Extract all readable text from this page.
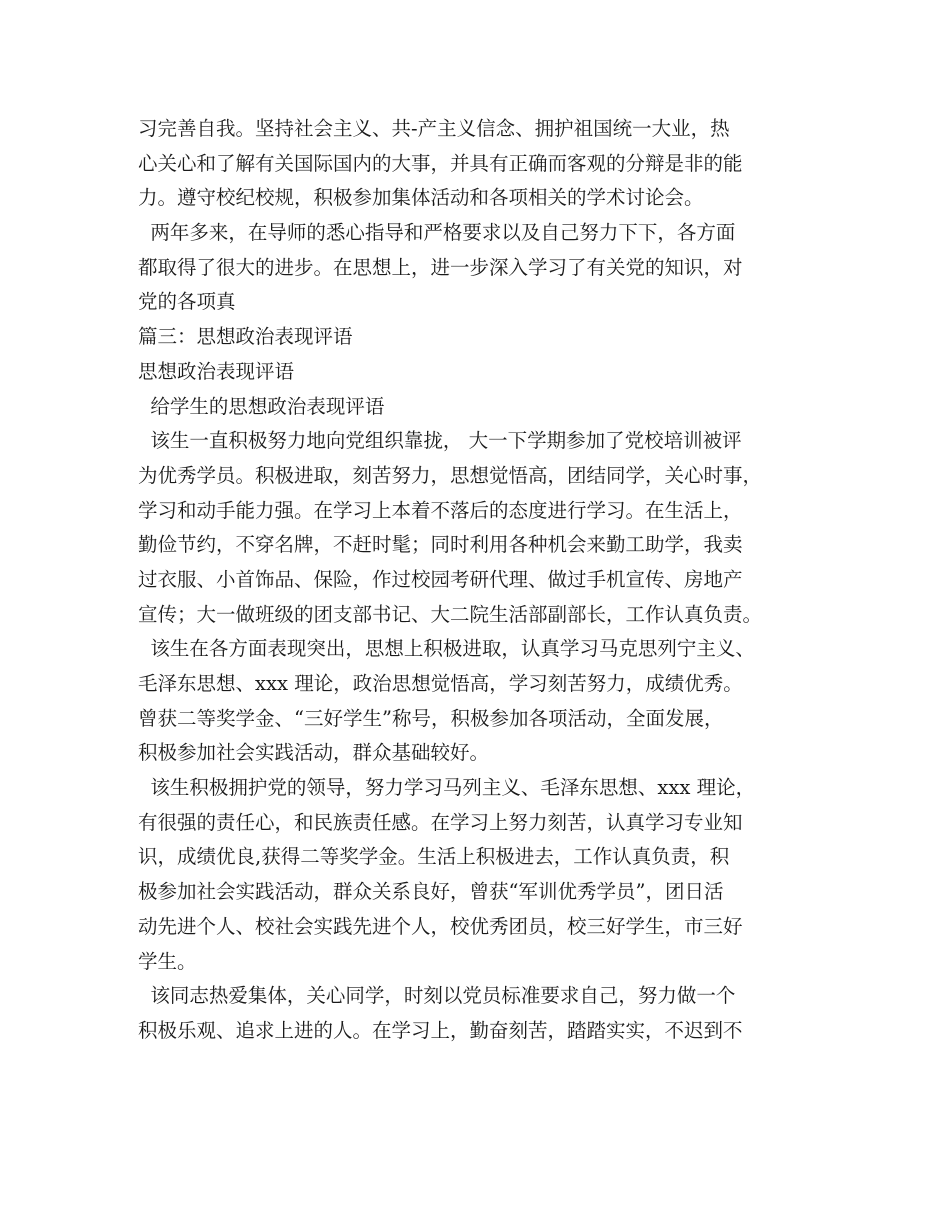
习完善自我。坚持社会主义、共-产主义信念、拥护祖国统一大业，热
心关心和了解有关国际国内的大事，并具有正确而客观的分辩是非的能
力。遵守校纪校规，积极参加集体活动和各项相关的学术讨论会。
两年多来，在导师的悉心指导和严格要求以及自己努力下下，各方面
都取得了很大的进步。在思想上，进一步深入学习了有关党的知识，对
党的各项真
篇三：思想政治表现评语
思想政治表现评语
给学生的思想政治表现评语
该生一直积极努力地向党组织靠拢， 大一下学期参加了党校培训被评
为优秀学员。积极进取，刻苦努力，思想觉悟高，团结同学，关心时事，
学习和动手能力强。在学习上本着不落后的态度进行学习。在生活上，
勤俭节约，不穿名牌，不赶时髦；同时利用各种机会来勤工助学，我卖
过衣服、小首饰品、保险，作过校园考研代理、做过手机宣传、房地产
宣传；大一做班级的团支部书记、大二院生活部副部长，工作认真负责。
该生在各方面表现突出，思想上积极进取，认真学习马克思列宁主义、
毛泽东思想、xxx 理论，政治思想觉悟高，学习刻苦努力，成绩优秀。
曾获二等奖学金、“三好学生”称号，积极参加各项活动，全面发展，
积极参加社会实践活动，群众基础较好。
该生积极拥护党的领导，努力学习马列主义、毛泽东思想、xxx 理论，
有很强的责任心，和民族责任感。在学习上努力刻苦，认真学习专业知
识，成绩优良,获得二等奖学金。生活上积极进去，工作认真负责，积
极参加社会实践活动，群众关系良好，曾获“军训优秀学员”，团日活
动先进个人、校社会实践先进个人，校优秀团员，校三好学生，市三好
学生。
该同志热爱集体，关心同学，时刻以党员标准要求自己，努力做一个
积极乐观、追求上进的人。在学习上，勤奋刻苦，踏踏实实，不迟到不
